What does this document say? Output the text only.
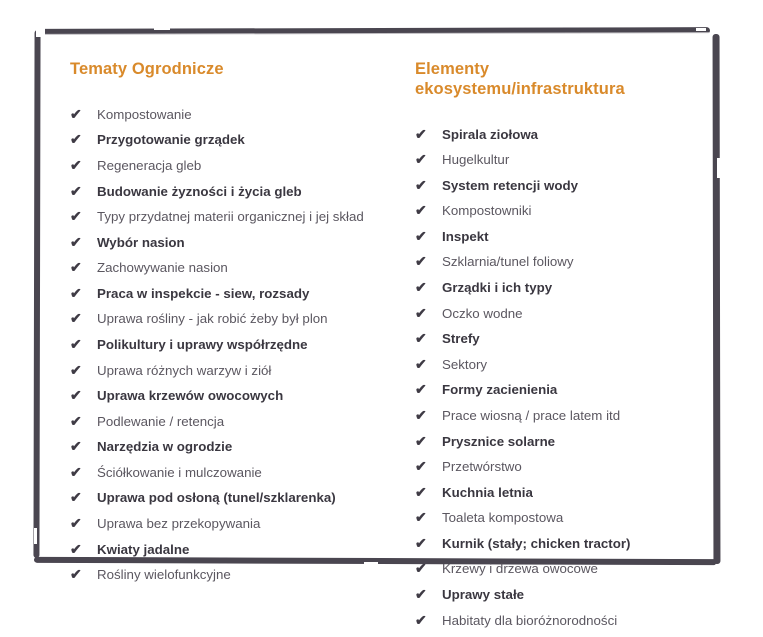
Tematy Ogrodnicze
✔ Kompostowanie
✔ Przygotowanie grządek
✔ Regeneracja gleb
✔ Budowanie żyzności i życia gleb
✔ Typy przydatnej materii organicznej i jej skład
✔ Wybór nasion
✔ Zachowywanie nasion
✔ Praca w inspekcie - siew, rozsady
✔ Uprawa rośliny - jak robić żeby był plon
✔ Polikultury i uprawy współrzędne
✔ Uprawa różnych warzyw i ziół
✔ Uprawa krzewów owocowych
✔ Podlewanie / retencja
✔ Narzędzia w ogrodzie
✔ Ściółkowanie i mulczowanie
✔ Uprawa pod osłoną (tunel/szklarenka)
✔ Uprawa bez przekopywania
✔ Kwiaty jadalne
✔ Rośliny wielofunkcyjne
Elementy ekosystemu/infrastruktura
✔ Spirala ziołowa
✔ Hugelkultur
✔ System retencji wody
✔ Kompostowniki
✔ Inspekt
✔ Szklarnia/tunel foliowy
✔ Grządki i ich typy
✔ Oczko wodne
✔ Strefy
✔ Sektory
✔ Formy zacienienia
✔ Prace wiosną / prace latem itd
✔ Prysznice solarne
✔ Przetwórstwo
✔ Kuchnia letnia
✔ Toaleta kompostowa
✔ Kurnik (stały; chicken tractor)
✔ Krzewy i drzewa owocowe
✔ Uprawy stałe
✔ Habitaty dla bioróżnorodności
